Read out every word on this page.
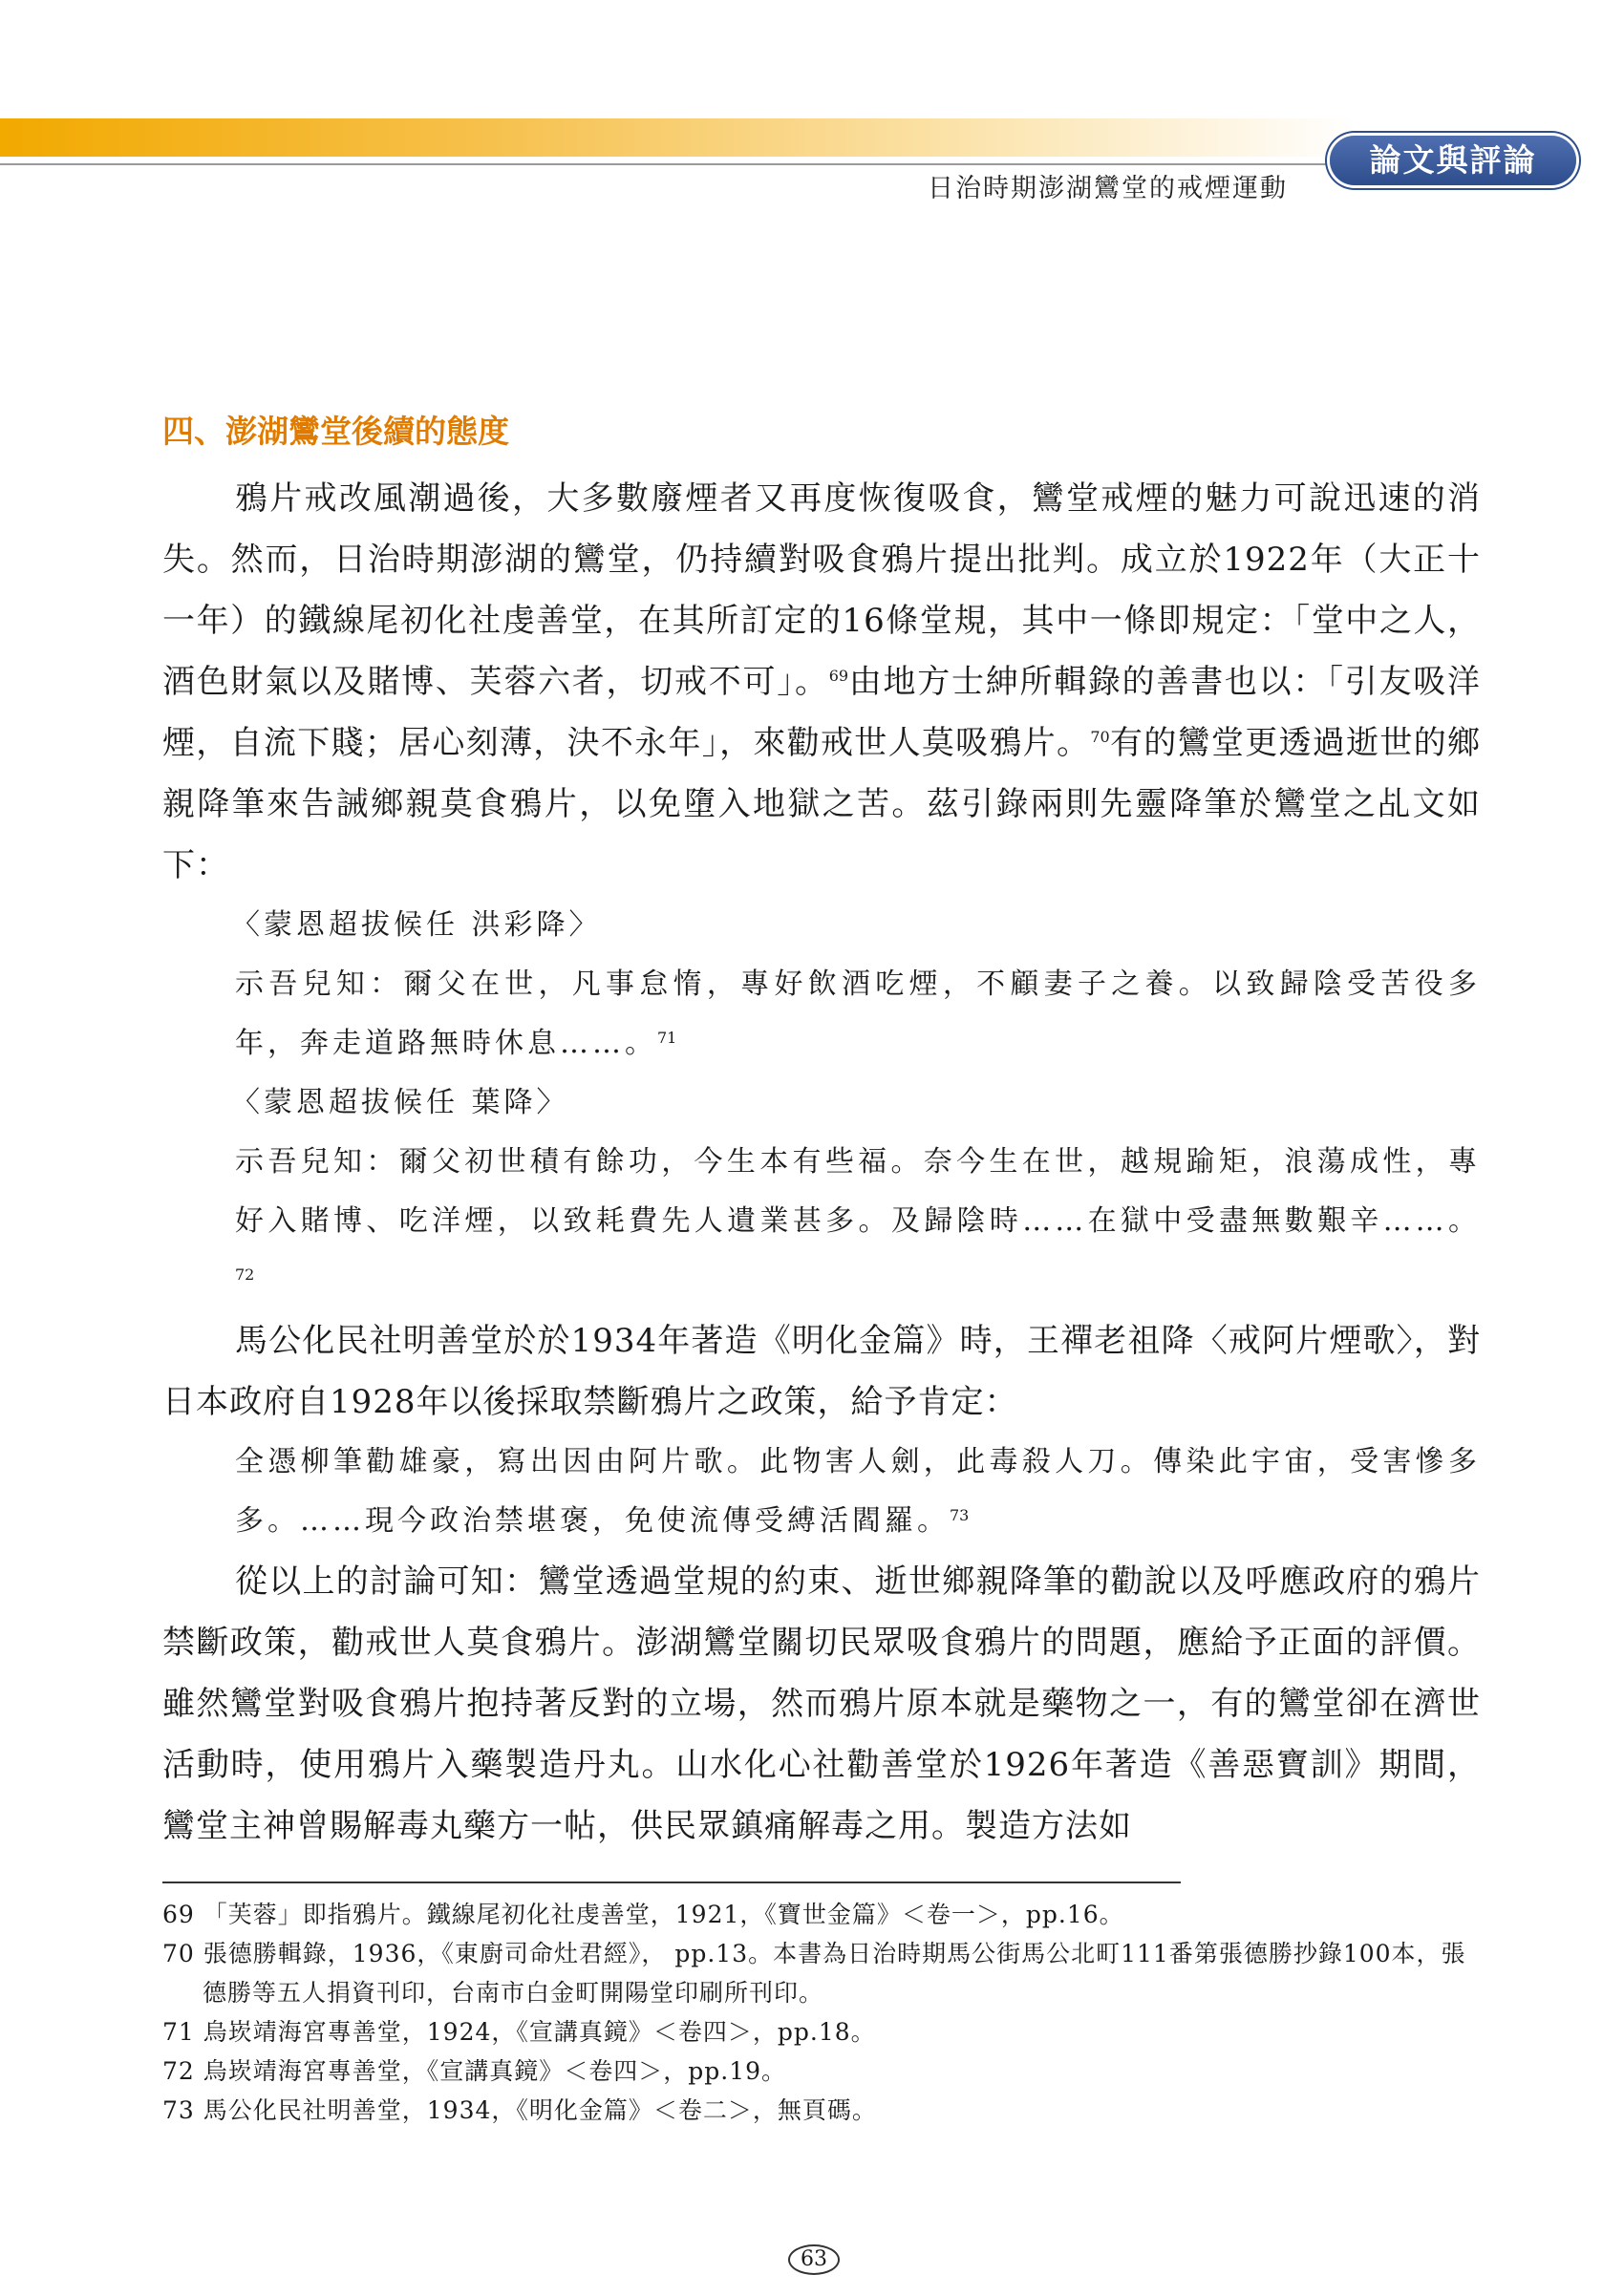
日治時期澎湖鸞堂的戒煙運動
論文與評論
四、澎湖鸞堂後續的態度

鴉片戒改風潮過後，大多數廢煙者又再度恢復吸食，鸞堂戒煙的魅力可說迅速的消失。然而，日治時期澎湖的鸞堂，仍持續對吸食鴉片提出批判。成立於1922年（大正十一年）的鐵線尾初化社虔善堂，在其所訂定的16條堂規，其中一條即規定：「堂中之人，酒色財氣以及賭博、芙蓉六者，切戒不可」。$^{69}$由地方士紳所輯錄的善書也以：「引友吸洋煙，自流下賤；居心刻薄，決不永年」，來勸戒世人莫吸鴉片。$^{70}$有的鸞堂更透過逝世的鄉親降筆來告誡鄉親莫食鴉片，以免墮入地獄之苦。茲引錄兩則先靈降筆於鸞堂之乩文如下：

〈蒙恩超拔候任 洪彩降〉
示吾兒知：爾父在世，凡事怠惰，專好飲酒吃煙，不顧妻子之養。以致歸陰受苦役多年，奔走道路無時休息……。$^{71}$
〈蒙恩超拔候任 葉降〉
示吾兒知：爾父初世積有餘功，今生本有些福。奈今生在世，越規踰矩，浪蕩成性，專好入賭博、吃洋煙，以致耗費先人遺業甚多。及歸陰時……在獄中受盡無數艱辛……。$^{72}$

馬公化民社明善堂於於1934年著造《明化金篇》時，王禪老祖降〈戒阿片煙歌〉，對日本政府自1928年以後採取禁斷鴉片之政策，給予肯定：

全憑柳筆勸雄豪，寫出因由阿片歌。此物害人劍，此毒殺人刀。傳染此宇宙，受害慘多多。……現今政治禁堪褒，免使流傳受縛活閻羅。$^{73}$

從以上的討論可知：鸞堂透過堂規的約束、逝世鄉親降筆的勸說以及呼應政府的鴉片禁斷政策，勸戒世人莫食鴉片。澎湖鸞堂關切民眾吸食鴉片的問題，應給予正面的評價。雖然鸞堂對吸食鴉片抱持著反對的立場，然而鴉片原本就是藥物之一，有的鸞堂卻在濟世活動時，使用鴉片入藥製造丹丸。山水化心社勸善堂於1926年著造《善惡寶訓》期間，鸞堂主神曾賜解毒丸藥方一帖，供民眾鎮痛解毒之用。製造方法如

69 「芙蓉」即指鴉片。鐵線尾初化社虔善堂，1921，《寶世金篇》＜卷一＞，pp.16。

70 張德勝輯錄，1936，《東廚司命灶君經》， pp.13。本書為日治時期馬公街馬公北町111番第張德勝抄錄100本，張德勝等五人捐資刊印，台南市白金町開陽堂印刷所刊印。

71 烏崁靖海宮專善堂，1924，《宣講真鏡》＜卷四＞，pp.18。

72 烏崁靖海宮專善堂，《宣講真鏡》＜卷四＞，pp.19。

73 馬公化民社明善堂，1934，《明化金篇》＜卷二＞，無頁碼。

63
